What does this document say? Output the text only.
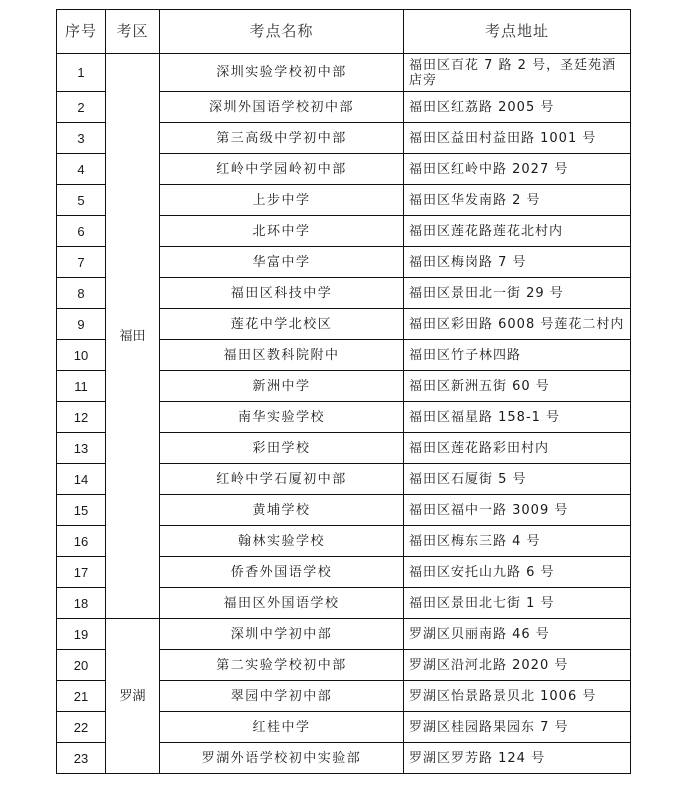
序号	考区	考点名称	考点地址
1	福田	深圳实验学校初中部	福田区百花 7 路 2 号，圣廷苑酒店旁
2		深圳外国语学校初中部	福田区红荔路 2005 号
3		第三高级中学初中部	福田区益田村益田路 1001 号
4		红岭中学园岭初中部	福田区红岭中路 2027 号
5		上步中学	福田区华发南路 2 号
6		北环中学	福田区莲花路莲花北村内
7		华富中学	福田区梅岗路 7 号
8		福田区科技中学	福田区景田北一街 29 号
9		莲花中学北校区	福田区彩田路 6008 号莲花二村内
10		福田区教科院附中	福田区竹子林四路
11		新洲中学	福田区新洲五街 60 号
12		南华实验学校	福田区福星路 158-1 号
13		彩田学校	福田区莲花路彩田村内
14		红岭中学石厦初中部	福田区石厦街 5 号
15		黄埔学校	福田区福中一路 3009 号
16		翰林实验学校	福田区梅东三路 4 号
17		侨香外国语学校	福田区安托山九路 6 号
18		福田区外国语学校	福田区景田北七街 1 号
19	罗湖	深圳中学初中部	罗湖区贝丽南路 46 号
20		第二实验学校初中部	罗湖区沿河北路 2020 号
21		翠园中学初中部	罗湖区怡景路景贝北 1006 号
22		红桂中学	罗湖区桂园路果园东 7 号
23		罗湖外语学校初中实验部	罗湖区罗芳路 124 号
